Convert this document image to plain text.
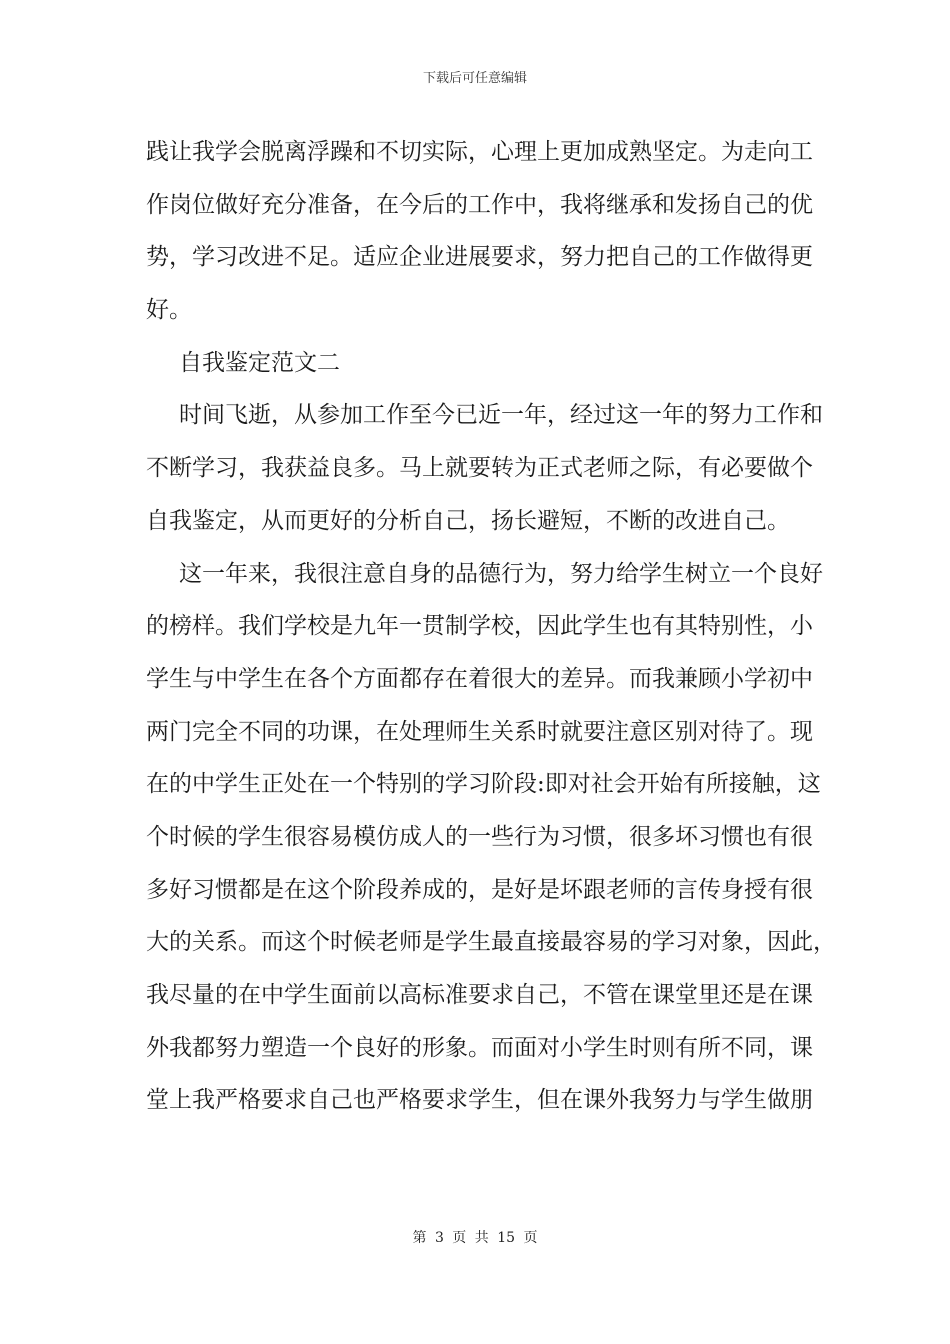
下载后可任意编辑
践让我学会脱离浮躁和不切实际，心理上更加成熟坚定。为走向工
作岗位做好充分准备，在今后的工作中，我将继承和发扬自己的优
势，学习改进不足。适应企业进展要求，努力把自己的工作做得更
好。
自我鉴定范文二
时间飞逝，从参加工作至今已近一年，经过这一年的努力工作和
不断学习，我获益良多。马上就要转为正式老师之际，有必要做个
自我鉴定，从而更好的分析自己，扬长避短，不断的改进自己。
这一年来，我很注意自身的品德行为，努力给学生树立一个良好
的榜样。我们学校是九年一贯制学校，因此学生也有其特别性，小
学生与中学生在各个方面都存在着很大的差异。而我兼顾小学初中
两门完全不同的功课，在处理师生关系时就要注意区别对待了。现
在的中学生正处在一个特别的学习阶段:即对社会开始有所接触，这
个时候的学生很容易模仿成人的一些行为习惯，很多坏习惯也有很
多好习惯都是在这个阶段养成的，是好是坏跟老师的言传身授有很
大的关系。而这个时候老师是学生最直接最容易的学习对象，因此，
我尽量的在中学生面前以高标准要求自己，不管在课堂里还是在课
外我都努力塑造一个良好的形象。而面对小学生时则有所不同，课
堂上我严格要求自己也严格要求学生，但在课外我努力与学生做朋
第 3 页 共 15 页
